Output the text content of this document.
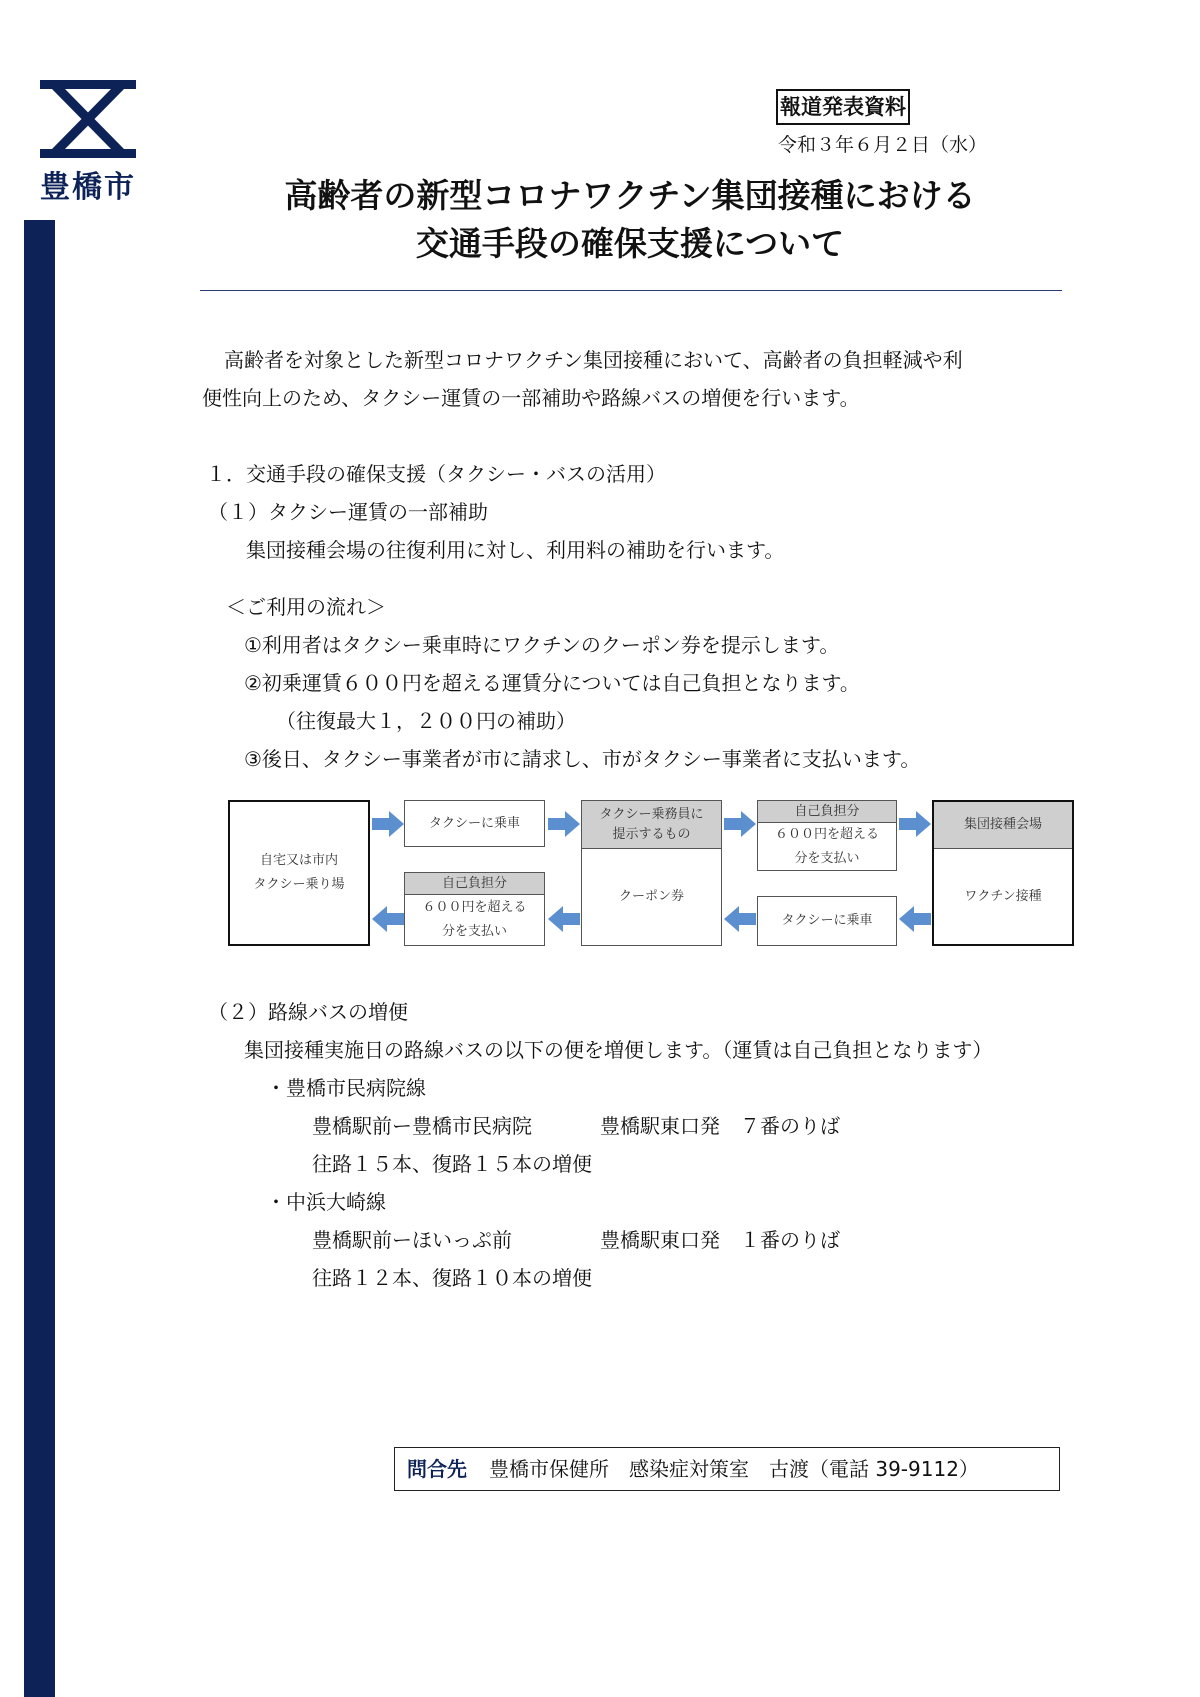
豊橋市
報道発表資料
令和３年６月２日（水）
高齢者の新型コロナワクチン集団接種における
交通手段の確保支援について
高齢者を対象とした新型コロナワクチン集団接種において、高齢者の負担軽減や利
便性向上のため、タクシー運賃の一部補助や路線バスの増便を行います。
１．交通手段の確保支援（タクシー・バスの活用）
（１）タクシー運賃の一部補助
集団接種会場の往復利用に対し、利用料の補助を行います。
＜ご利用の流れ＞
①利用者はタクシー乗車時にワクチンのクーポン券を提示します。
②初乗運賃６００円を超える運賃分については自己負担となります。
（往復最大１，２００円の補助）
③後日、タクシー事業者が市に請求し、市がタクシー事業者に支払います。
自宅又は市内
タクシー乗り場
タクシーに乗車
タクシー乗務員に
提示するもの
クーポン券
自己負担分
６００円を超える
分を支払い
集団接種会場
ワクチン接種
タクシーに乗車
自己負担分
６００円を超える
分を支払い
（２）路線バスの増便
集団接種実施日の路線バスの以下の便を増便します。（運賃は自己負担となります）
・豊橋市民病院線
豊橋駅前ー豊橋市民病院	豊橋駅東口発　７番のりば
往路１５本、復路１５本の増便
・中浜大崎線
豊橋駅前ーほいっぷ前	豊橋駅東口発　１番のりば
往路１２本、復路１０本の増便
問合先 豊橋市保健所　感染症対策室　古渡（電話 39-9112）
